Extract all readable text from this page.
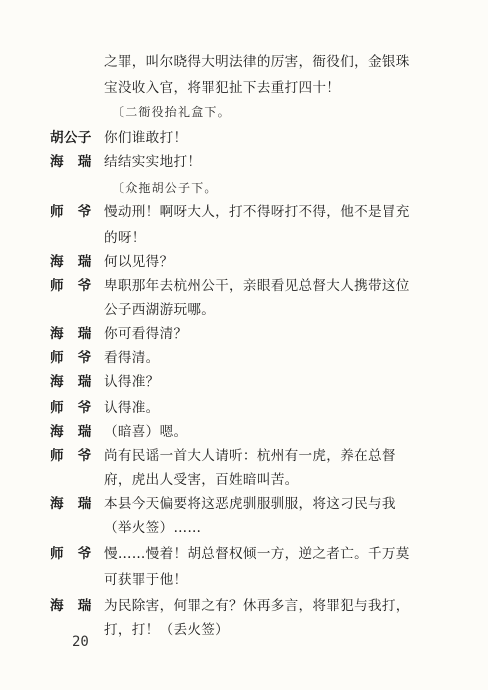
之罪，叫尔晓得大明法律的厉害，衙役们，金银珠
宝没收入官，将罪犯扯下去重打四十！
〔二衙役抬礼盒下。
胡公子 你们谁敢打！
海　瑞 结结实实地打！
〔众拖胡公子下。
师　爷 慢动刑！啊呀大人，打不得呀打不得，他不是冒充
的呀！
海　瑞 何以见得？
师　爷 卑职那年去杭州公干，亲眼看见总督大人携带这位
公子西湖游玩哪。
海　瑞 你可看得清？
师　爷 看得清。
海　瑞 认得准？
师　爷 认得准。
海　瑞 （暗喜）嗯。
师　爷 尚有民谣一首大人请听：杭州有一虎，养在总督
府，虎出人受害，百姓暗叫苦。
海　瑞 本县今天偏要将这恶虎驯服驯服，将这刁民与我
（举火签）……
师　爷 慢……慢着！胡总督权倾一方，逆之者亡。千万莫
可获罪于他！
海　瑞 为民除害，何罪之有？休再多言，将罪犯与我打，
打，打！（丢火签）
20
